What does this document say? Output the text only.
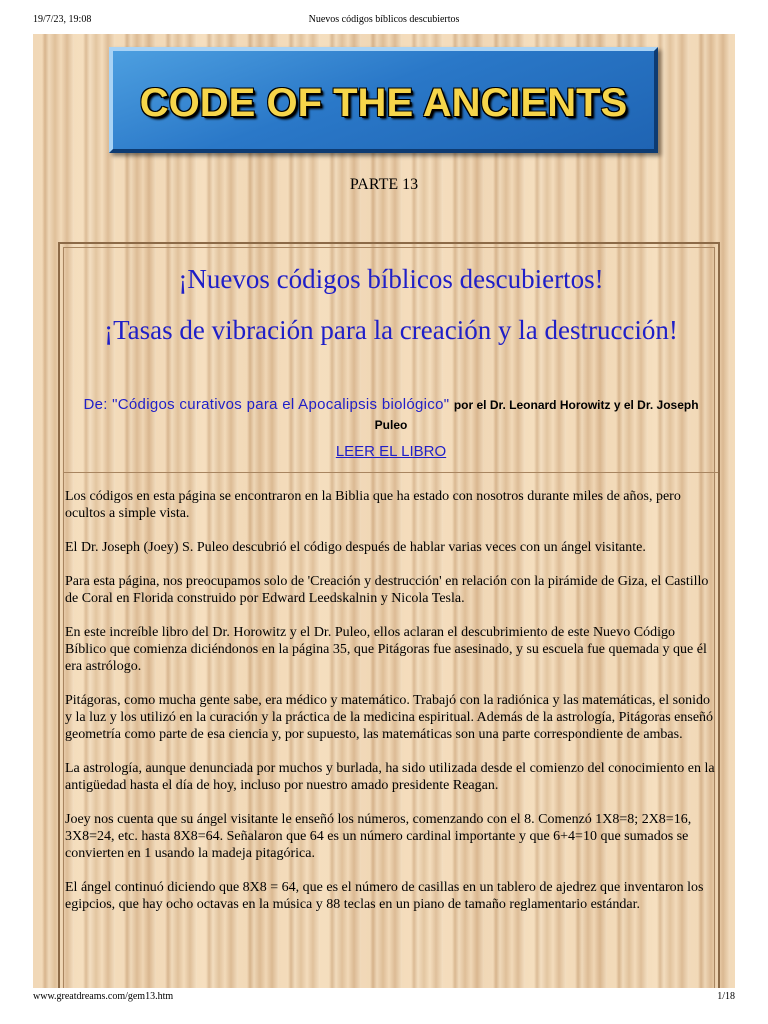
19/7/23, 19:08	Nuevos códigos bíblicos descubiertos
CODE OF THE ANCIENTS
PARTE 13
¡Nuevos códigos bíblicos descubiertos!
¡Tasas de vibración para la creación y la destrucción!
De: "Códigos curativos para el Apocalipsis biológico" por el Dr. Leonard Horowitz y el Dr. Joseph Puleo
LEER EL LIBRO

Los códigos en esta página se encontraron en la Biblia que ha estado con nosotros durante miles de años, pero ocultos a simple vista.

El Dr. Joseph (Joey) S. Puleo descubrió el código después de hablar varias veces con un ángel visitante.

Para esta página, nos preocupamos solo de 'Creación y destrucción' en relación con la pirámide de Giza, el Castillo de Coral en Florida construido por Edward Leedskalnin y Nicola Tesla.

En este increíble libro del Dr. Horowitz y el Dr. Puleo, ellos aclaran el descubrimiento de este Nuevo Código Bíblico que comienza diciéndonos en la página 35, que Pitágoras fue asesinado, y su escuela fue quemada y que él era astrólogo.

Pitágoras, como mucha gente sabe, era médico y matemático. Trabajó con la radiónica y las matemáticas, el sonido y la luz y los utilizó en la curación y la práctica de la medicina espiritual. Además de la astrología, Pitágoras enseñó geometría como parte de esa ciencia y, por supuesto, las matemáticas son una parte correspondiente de ambas.

La astrología, aunque denunciada por muchos y burlada, ha sido utilizada desde el comienzo del conocimiento en la antigüedad hasta el día de hoy, incluso por nuestro amado presidente Reagan.

Joey nos cuenta que su ángel visitante le enseñó los números, comenzando con el 8. Comenzó 1X8=8; 2X8=16, 3X8=24, etc. hasta 8X8=64. Señalaron que 64 es un número cardinal importante y que 6+4=10 que sumados se convierten en 1 usando la madeja pitagórica.

El ángel continuó diciendo que 8X8 = 64, que es el número de casillas en un tablero de ajedrez que inventaron los egipcios, que hay ocho octavas en la música y 88 teclas en un piano de tamaño reglamentario estándar.

www.greatdreams.com/gem13.htm	1/18
